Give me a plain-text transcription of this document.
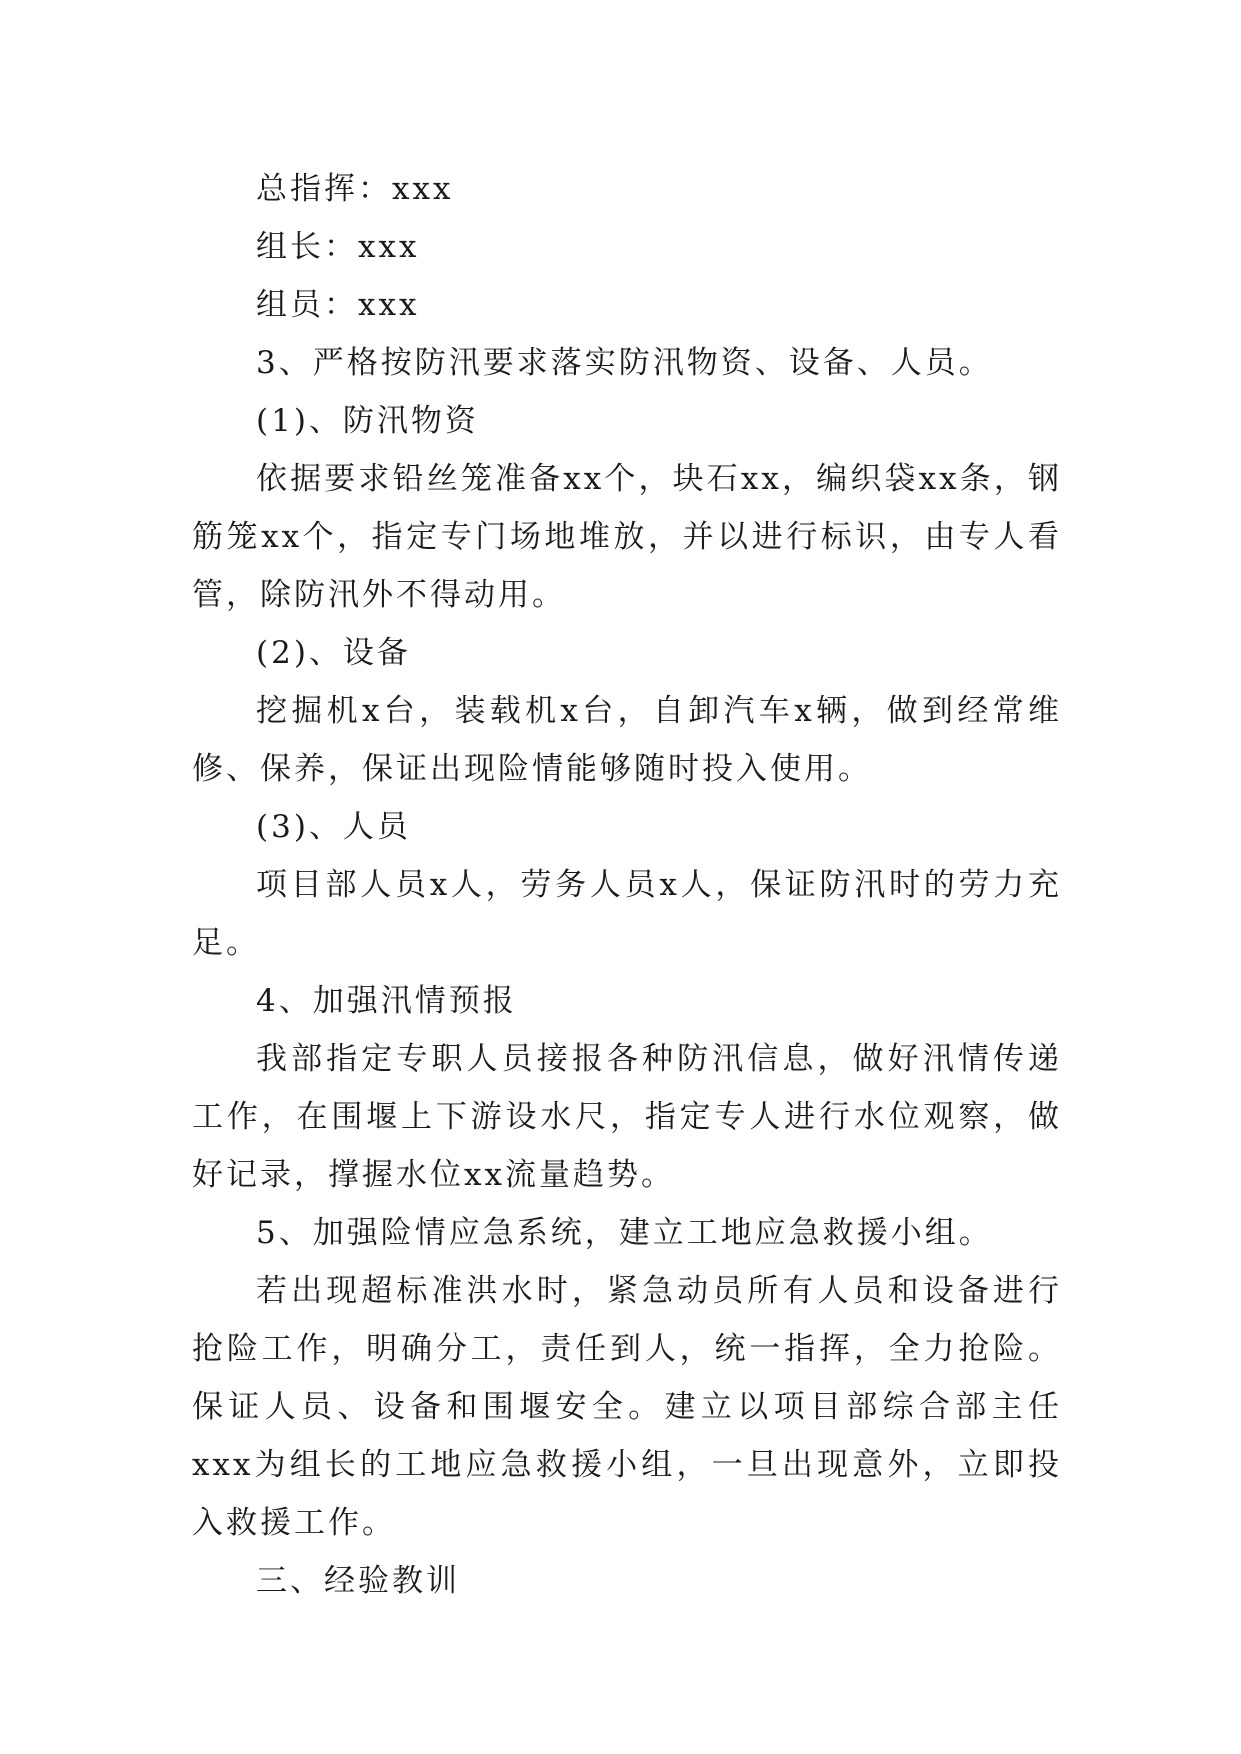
总指挥：xxx

组长：xxx

组员：xxx

3、严格按防汛要求落实防汛物资、设备、人员。

(1)、防汛物资

依据要求铅丝笼准备xx个，块石xx，编织袋xx条，钢筋笼xx个，指定专门场地堆放，并以进行标识，由专人看管，除防汛外不得动用。

(2)、设备

挖掘机x台，装载机x台，自卸汽车x辆，做到经常维修、保养，保证出现险情能够随时投入使用。

(3)、人员

项目部人员x人，劳务人员x人，保证防汛时的劳力充足。

4、加强汛情预报

我部指定专职人员接报各种防汛信息，做好汛情传递工作，在围堰上下游设水尺，指定专人进行水位观察，做好记录，撑握水位xx流量趋势。

5、加强险情应急系统，建立工地应急救援小组。

若出现超标准洪水时，紧急动员所有人员和设备进行抢险工作，明确分工，责任到人，统一指挥，全力抢险。保证人员、设备和围堰安全。建立以项目部综合部主任xxx为组长的工地应急救援小组，一旦出现意外，立即投入救援工作。

三、经验教训
